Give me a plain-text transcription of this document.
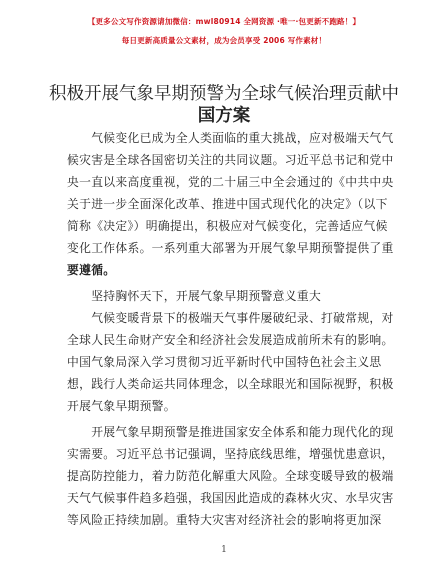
【更多公文写作资源请加微信：mwl80914 全网资源 ·唯一·包更新不跑路！】
每日更新高质量公文素材，成为会员享受 2006 写作素材！
积极开展气象早期预警为全球气候治理贡献中
国方案
　　气候变化已成为全人类面临的重大挑战，应对极端天气气
候灾害是全球各国密切关注的共同议题。习近平总书记和党中
央一直以来高度重视，党的二十届三中全会通过的《中共中央
关于进一步全面深化改革、推进中国式现代化的决定》（以下
简称《决定》）明确提出，积极应对气候变化，完善适应气候
变化工作体系。一系列重大部署为开展气象早期预警提供了重
要遵循。
　　坚持胸怀天下，开展气象早期预警意义重大
　　气候变暖背景下的极端天气事件屡破纪录、打破常规，对
全球人民生命财产安全和经济社会发展造成前所未有的影响。
中国气象局深入学习贯彻习近平新时代中国特色社会主义思
想，践行人类命运共同体理念，以全球眼光和国际视野，积极
开展气象早期预警。
　　开展气象早期预警是推进国家安全体系和能力现代化的现
实需要。习近平总书记强调，坚持底线思维，增强忧患意识，
提高防控能力，着力防范化解重大风险。全球变暖导致的极端
天气气候事件趋多趋强，我国因此造成的森林火灾、水旱灾害
等风险正持续加剧。重特大灾害对经济社会的影响将更加深
1
